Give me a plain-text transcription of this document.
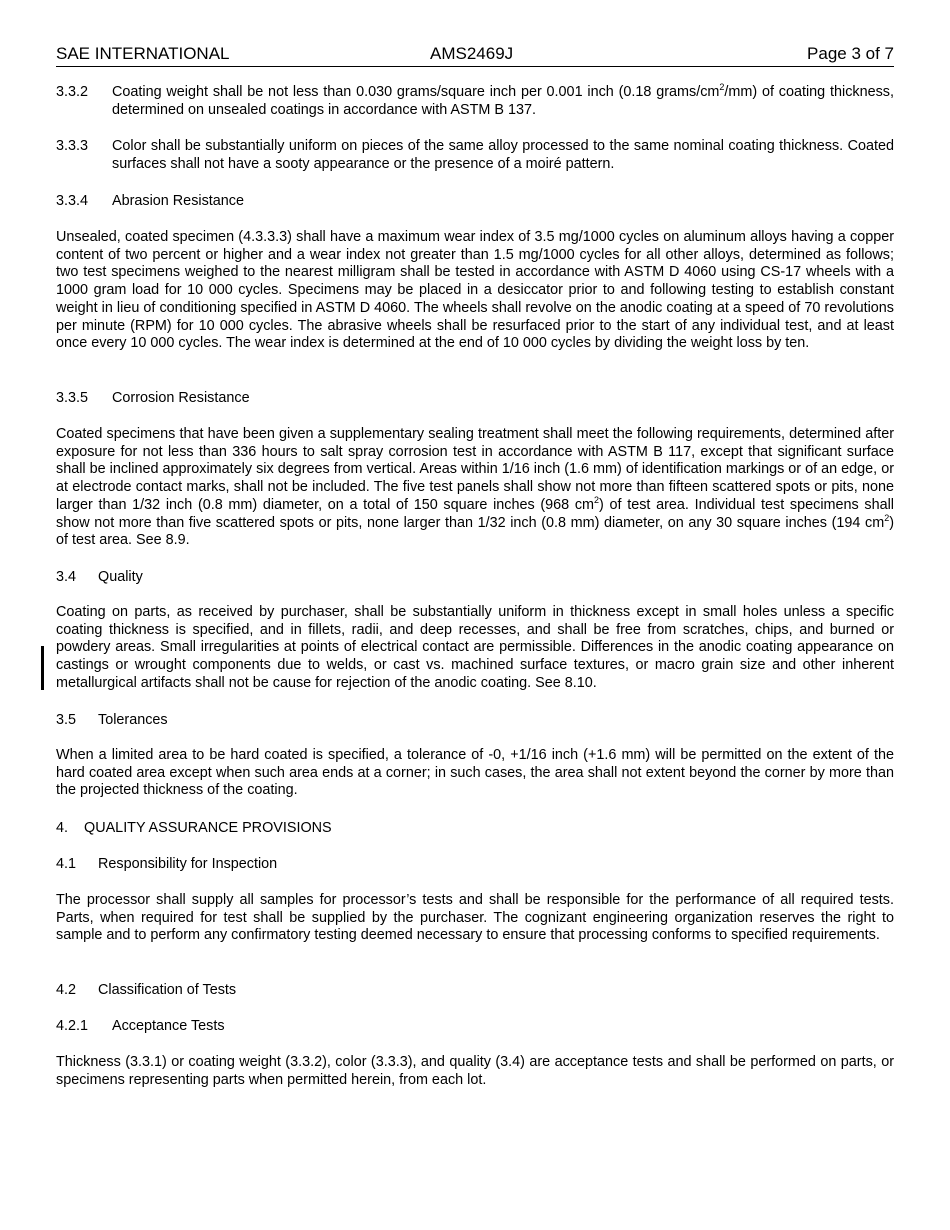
SAE INTERNATIONAL	AMS2469J	Page 3 of 7
3.3.2 Coating weight shall be not less than 0.030 grams/square inch per 0.001 inch (0.18 grams/$cm^2/mm$) of coating thickness, determined on unsealed coatings in accordance with ASTM B 137.
3.3.3 Color shall be substantially uniform on pieces of the same alloy processed to the same nominal coating thickness. Coated surfaces shall not have a sooty appearance or the presence of a moiré pattern.
3.3.4 Abrasion Resistance
Unsealed, coated specimen (4.3.3.3) shall have a maximum wear index of 3.5 mg/1000 cycles on aluminum alloys having a copper content of two percent or higher and a wear index not greater than 1.5 mg/1000 cycles for all other alloys, determined as follows; two test specimens weighed to the nearest milligram shall be tested in accordance with ASTM D 4060 using CS-17 wheels with a 1000 gram load for 10 000 cycles. Specimens may be placed in a desiccator prior to and following testing to establish constant weight in lieu of conditioning specified in ASTM D 4060. The wheels shall revolve on the anodic coating at a speed of 70 revolutions per minute (RPM) for 10 000 cycles. The abrasive wheels shall be resurfaced prior to the start of any individual test, and at least once every 10 000 cycles. The wear index is determined at the end of 10 000 cycles by dividing the weight loss by ten.
3.3.5 Corrosion Resistance
Coated specimens that have been given a supplementary sealing treatment shall meet the following requirements, determined after exposure for not less than 336 hours to salt spray corrosion test in accordance with ASTM B 117, except that significant surface shall be inclined approximately six degrees from vertical. Areas within 1/16 inch (1.6 mm) of identification markings or of an edge, or at electrode contact marks, shall not be included. The five test panels shall show not more than fifteen scattered spots or pits, none larger than 1/32 inch (0.8 mm) diameter, on a total of 150 square inches (968 $cm^2$) of test area. Individual test specimens shall show not more than five scattered spots or pits, none larger than 1/32 inch (0.8 mm) diameter, on any 30 square inches (194 $cm^2$) of test area. See 8.9.
3.4 Quality
Coating on parts, as received by purchaser, shall be substantially uniform in thickness except in small holes unless a specific coating thickness is specified, and in fillets, radii, and deep recesses, and shall be free from scratches, chips, and burned or powdery areas. Small irregularities at points of electrical contact are permissible. Differences in the anodic coating appearance on castings or wrought components due to welds, or cast vs. machined surface textures, or macro grain size and other inherent metallurgical artifacts shall not be cause for rejection of the anodic coating. See 8.10.
3.5 Tolerances
When a limited area to be hard coated is specified, a tolerance of -0, +1/16 inch (+1.6 mm) will be permitted on the extent of the hard coated area except when such area ends at a corner; in such cases, the area shall not extent beyond the corner by more than the projected thickness of the coating.
4. QUALITY ASSURANCE PROVISIONS
4.1 Responsibility for Inspection
The processor shall supply all samples for processor’s tests and shall be responsible for the performance of all required tests. Parts, when required for test shall be supplied by the purchaser. The cognizant engineering organization reserves the right to sample and to perform any confirmatory testing deemed necessary to ensure that processing conforms to specified requirements.
4.2 Classification of Tests
4.2.1 Acceptance Tests
Thickness (3.3.1) or coating weight (3.3.2), color (3.3.3), and quality (3.4) are acceptance tests and shall be performed on parts, or specimens representing parts when permitted herein, from each lot.
